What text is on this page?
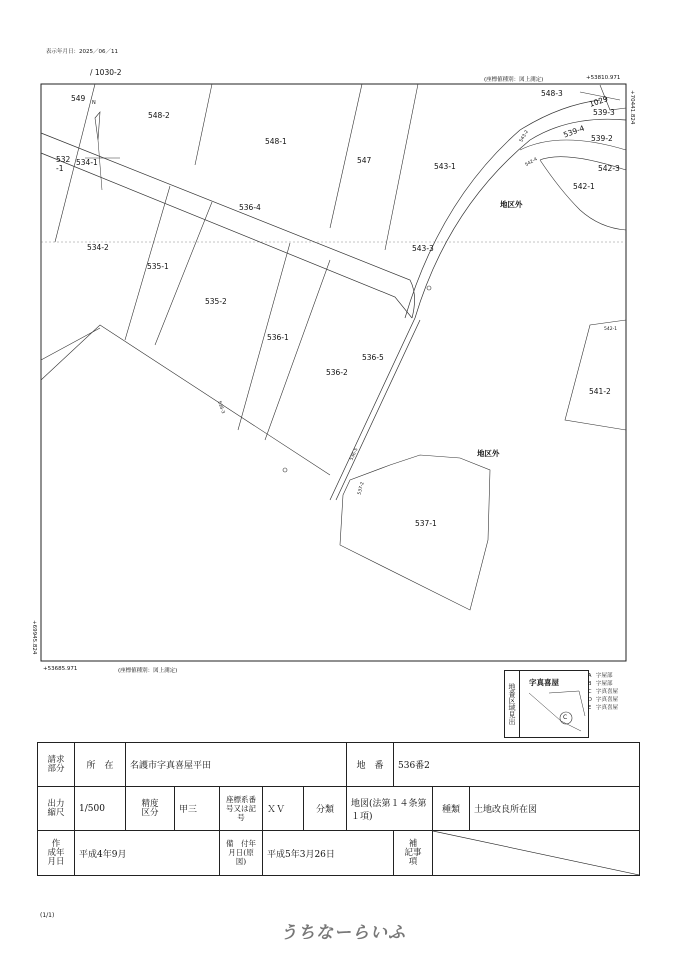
表示年月日：2025／06／11
/ 1030-2
(座標値種別：図上測定)	+53810.971
N
549
548-2
548-1
547
543-1
548-3
1029
539-3
539-4 539-2
542-3
542-1
532
-1
534-1
536-4
534-2	543-3
535-1
535-2
536-1
536-5
536-2
541-2
537-1
地区外
地区外
543-2
542-4
542-1
536-3
536-5
537-2
+70441.824
+69945.824
+53685.971	(座標値種別：図上測定)
地番区域見出
字真喜屋
C
A
B
C
D
E
字屋部
字屋部
字真喜屋
字真喜屋
字真喜屋
請求部分	所　在	名護市字真喜屋平田					地　番	536番2		
出力縮尺	1/500	精度区分	甲三	座標系番号又は記号	ＸＶ	分類	地図(法第１４条第１項)		種類	土地改良所在図
作　成年月日	平成4年9月			備　付年月日(原図)	平成5年3月26日			補　記事　項	
(1/1)
うちなーらいふ
